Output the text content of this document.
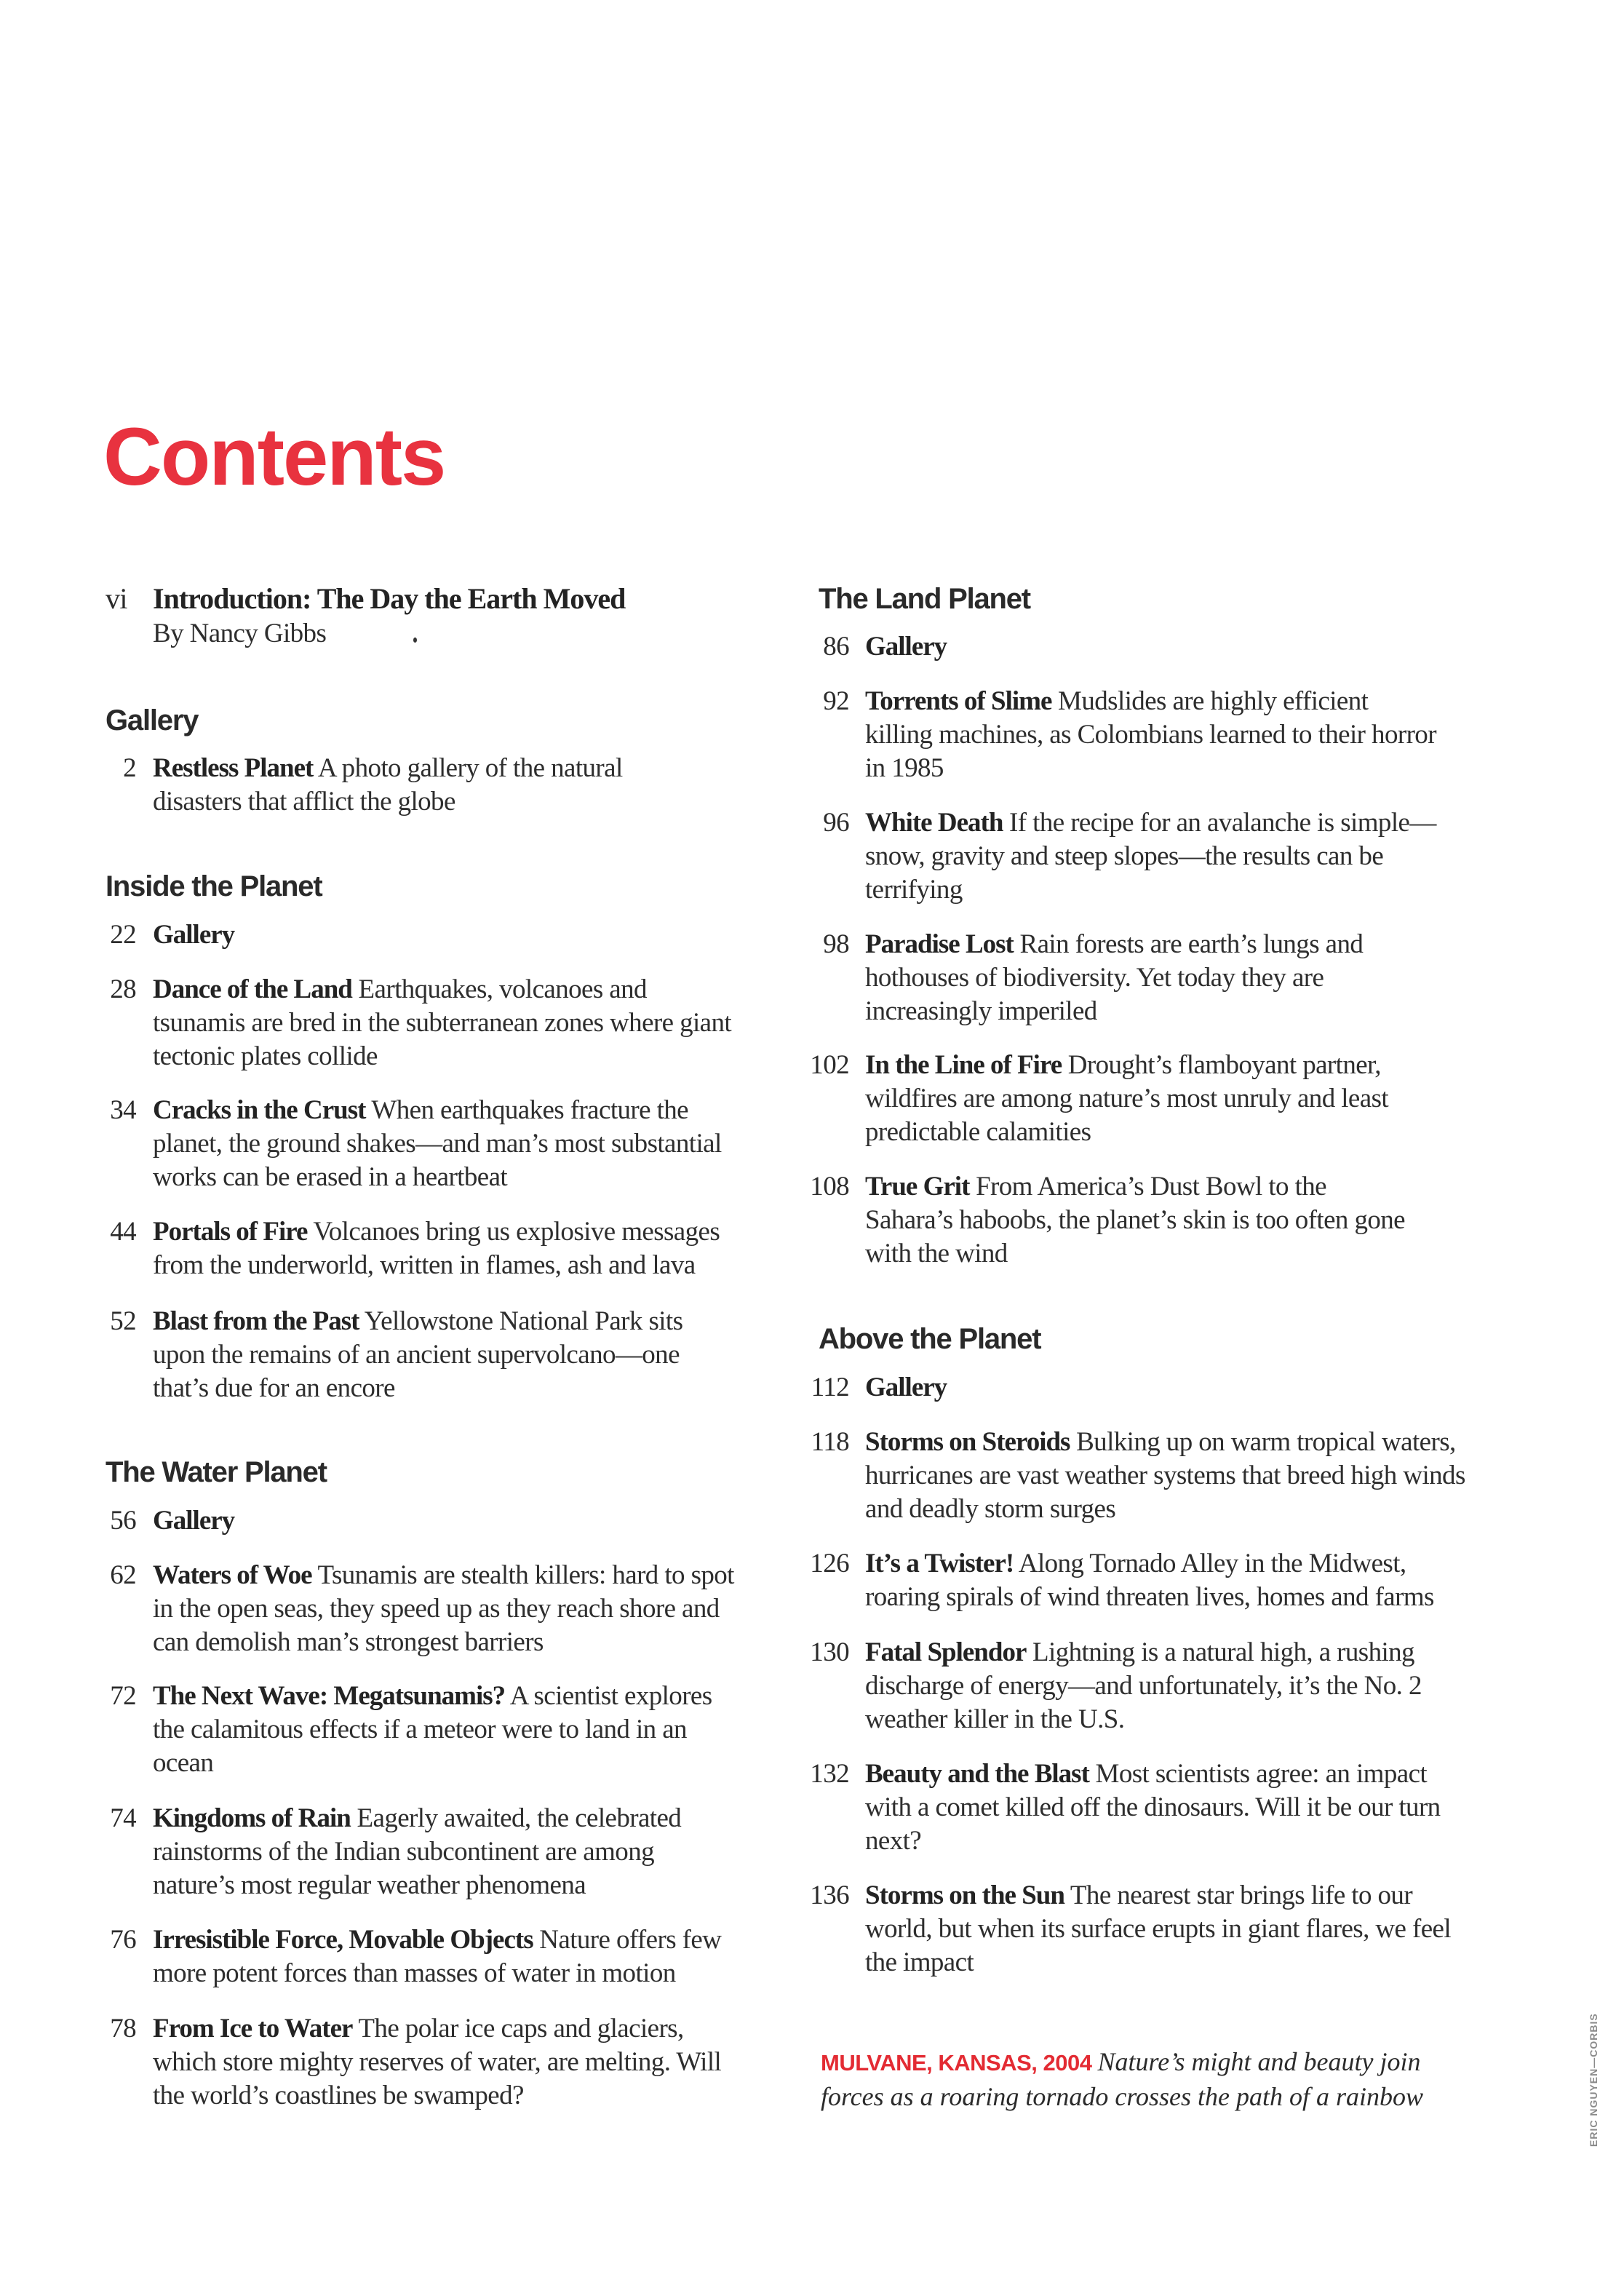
Contents
vi Introduction: The Day the Earth Moved
By Nancy Gibbs
Gallery
2 Restless Planet A photo gallery of the natural disasters that afflict the globe
Inside the Planet
22 Gallery
28 Dance of the Land Earthquakes, volcanoes and tsunamis are bred in the subterranean zones where giant tectonic plates collide
34 Cracks in the Crust When earthquakes fracture the planet, the ground shakes—and man’s most substantial works can be erased in a heartbeat
44 Portals of Fire Volcanoes bring us explosive messages from the underworld, written in flames, ash and lava
52 Blast from the Past Yellowstone National Park sits upon the remains of an ancient supervolcano—one that’s due for an encore
The Water Planet
56 Gallery
62 Waters of Woe Tsunamis are stealth killers: hard to spot in the open seas, they speed up as they reach shore and can demolish man’s strongest barriers
72 The Next Wave: Megatsunamis? A scientist explores the calamitous effects if a meteor were to land in an ocean
74 Kingdoms of Rain Eagerly awaited, the celebrated rainstorms of the Indian subcontinent are among nature’s most regular weather phenomena
76 Irresistible Force, Movable Objects Nature offers few more potent forces than masses of water in motion
78 From Ice to Water The polar ice caps and glaciers, which store mighty reserves of water, are melting. Will the world’s coastlines be swamped?
The Land Planet
86 Gallery
92 Torrents of Slime Mudslides are highly efficient killing machines, as Colombians learned to their horror in 1985
96 White Death If the recipe for an avalanche is simple—snow, gravity and steep slopes—the results can be terrifying
98 Paradise Lost Rain forests are earth’s lungs and hothouses of biodiversity. Yet today they are increasingly imperiled
102 In the Line of Fire Drought’s flamboyant partner, wildfires are among nature’s most unruly and least predictable calamities
108 True Grit From America’s Dust Bowl to the Sahara’s haboobs, the planet’s skin is too often gone with the wind
Above the Planet
112 Gallery
118 Storms on Steroids Bulking up on warm tropical waters, hurricanes are vast weather systems that breed high winds and deadly storm surges
126 It’s a Twister! Along Tornado Alley in the Midwest, roaring spirals of wind threaten lives, homes and farms
130 Fatal Splendor Lightning is a natural high, a rushing discharge of energy—and unfortunately, it’s the No. 2 weather killer in the U.S.
132 Beauty and the Blast Most scientists agree: an impact with a comet killed off the dinosaurs. Will it be our turn next?
136 Storms on the Sun The nearest star brings life to our world, but when its surface erupts in giant flares, we feel the impact
MULVANE, KANSAS, 2004 Nature’s might and beauty join forces as a roaring tornado crosses the path of a rainbow	ERIC NGUYEN—CORBIS
